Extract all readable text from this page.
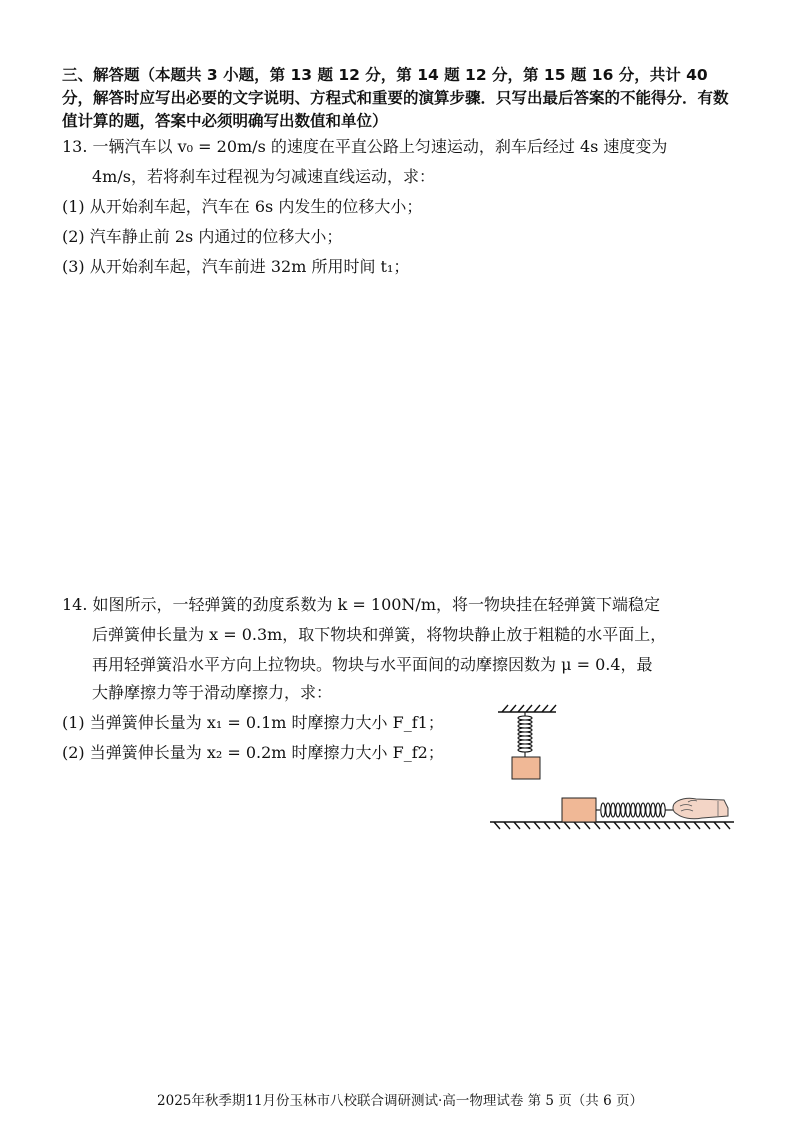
三、解答题（本题共 3 小题，第 13 题 12 分，第 14 题 12 分，第 15 题 16 分，共计 40 分，解答时应写出必要的文字说明、方程式和重要的演算步骤．只写出最后答案的不能得分．有数值计算的题，答案中必须明确写出数值和单位）
13. 一辆汽车以 v₀ = 20m/s 的速度在平直公路上匀速运动，刹车后经过 4s 速度变为
4m/s，若将刹车过程视为匀减速直线运动，求：
(1) 从开始刹车起，汽车在 6s 内发生的位移大小；
(2) 汽车静止前 2s 内通过的位移大小；
(3) 从开始刹车起，汽车前进 32m 所用时间 t₁；
14. 如图所示，一轻弹簧的劲度系数为 k = 100N/m，将一物块挂在轻弹簧下端稳定
后弹簧伸长量为 x = 0.3m，取下物块和弹簧，将物块静止放于粗糙的水平面上，
再用轻弹簧沿水平方向上拉物块。物块与水平面间的动摩擦因数为 μ = 0.4，最
大静摩擦力等于滑动摩擦力，求：
(1) 当弹簧伸长量为 x₁ = 0.1m 时摩擦力大小 F_f1；
(2) 当弹簧伸长量为 x₂ = 0.2m 时摩擦力大小 F_f2；
2025年秋季期11月份玉林市八校联合调研测试·高一物理试卷 第 5 页（共 6 页）
